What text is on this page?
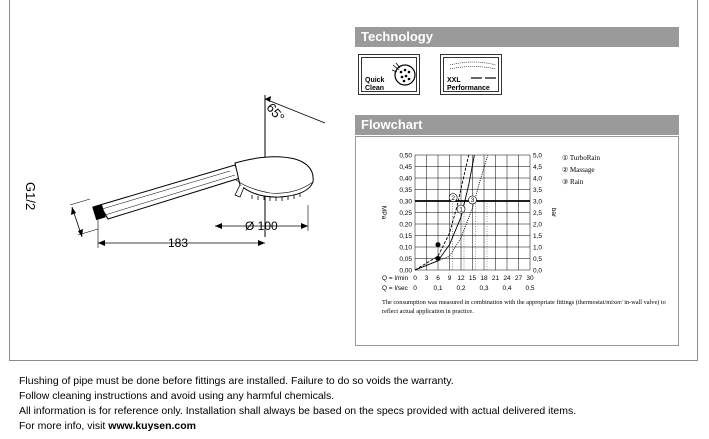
65°
G1/2
183
Ø 100
Technology
Quick
Clean
XXL
Performance
Flowchart
0,00	0,0
0,05	0,5
0,10	1,0
0,15	1,5
0,20	2,0
0,25	2,5
0,30	3,0
0,35	3,5
0,40	4,0
0,45	4,5
0,50	5,0
0 3 6 9 12 15 18 21 24 27 30
0	0,1 0,2 0,3 0,4 0,5
Q = l/min
Q = l/sec
MPa	bar
1
2 3
① TurboRain
② Massage
③ Rain
The consumption was measured in combination with the appropriate fittings (thermostat/mixer/ in-wall valve) to reflect actual application in practice.
Flushing of pipe must be done before fittings are installed. Failure to do so voids the warranty.
Follow cleaning instructions and avoid using any harmful chemicals.
All information is for reference only. Installation shall always be based on the specs provided with actual delivered items.
For more info, visit www.kuysen.com
